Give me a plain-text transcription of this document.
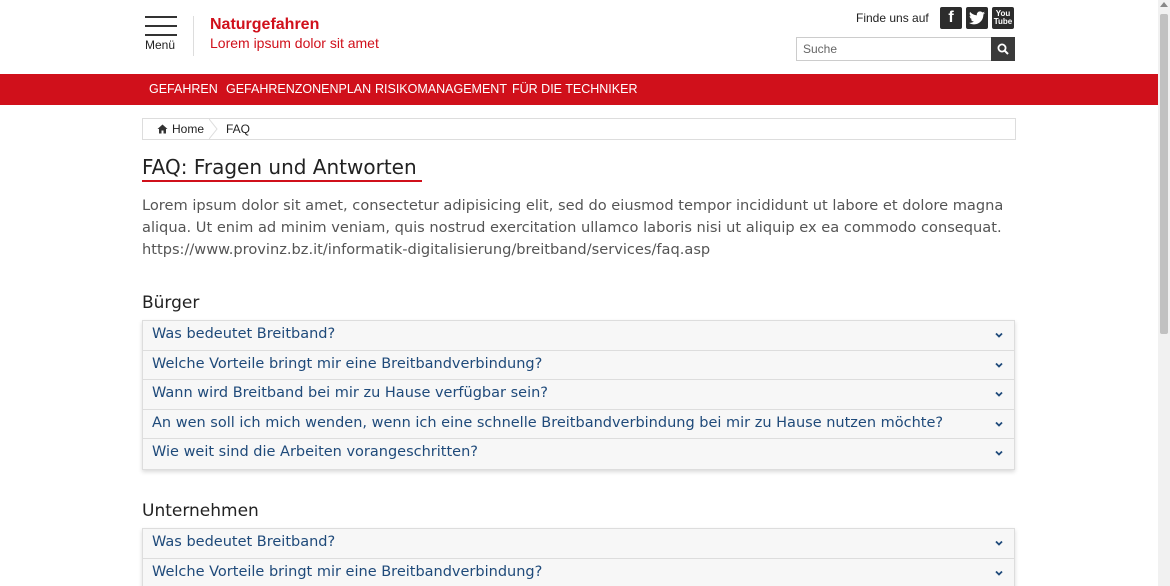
Menü
Naturgefahren
Lorem ipsum dolor sit amet
Finde uns auf	f	You
Tube
Suche
GEFAHREN GEFAHRENZONENPLAN RISIKOMANAGEMENT FÜR DIE TECHNIKER
Home FAQ
FAQ: Fragen und Antworten

Lorem ipsum dolor sit amet, consectetur adipisicing elit, sed do eiusmod tempor incididunt ut labore et dolore magna aliqua. Ut enim ad minim veniam, quis nostrud exercitation ullamco laboris nisi ut aliquip ex ea commodo consequat. https://www.provinz.bz.it/informatik-digitalisierung/breitband/services/faq.asp

Bürger
Was bedeutet Breitband?
Welche Vorteile bringt mir eine Breitbandverbindung?
Wann wird Breitband bei mir zu Hause verfügbar sein?
An wen soll ich mich wenden, wenn ich eine schnelle Breitbandverbindung bei mir zu Hause nutzen möchte?
Wie weit sind die Arbeiten vorangeschritten?
Unternehmen
Was bedeutet Breitband?
Welche Vorteile bringt mir eine Breitbandverbindung?
